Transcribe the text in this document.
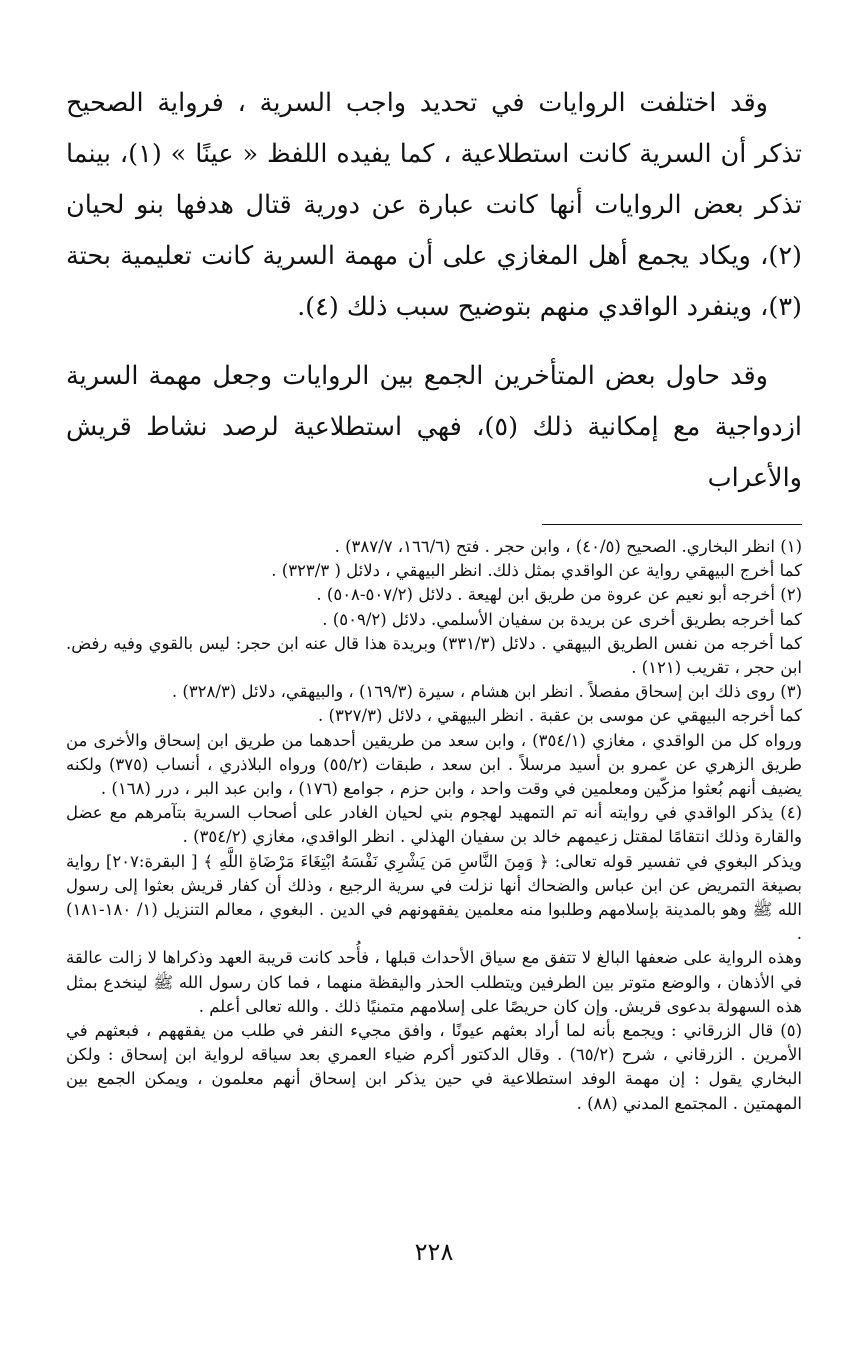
وقد اختلفت الروايات في تحديد واجب السرية ، فرواية الصحيح تذكر أن السرية كانت استطلاعية ، كما يفيده اللفظ « عينًا » (١)، بينما تذكر بعض الروايات أنها كانت عبارة عن دورية قتال هدفها بنو لحيان (٢)، ويكاد يجمع أهل المغازي على أن مهمة السرية كانت تعليمية بحتة (٣)، وينفرد الواقدي منهم بتوضيح سبب ذلك (٤).

وقد حاول بعض المتأخرين الجمع بين الروايات وجعل مهمة السرية ازدواجية مع إمكانية ذلك (٥)، فهي استطلاعية لرصد نشاط قريش والأعراب

(١) انظر البخاري. الصحيح (٤٠/٥) ، وابن حجر . فتح (١٦٦/٦، ٣٨٧/٧) .
كما أخرج البيهقي رواية عن الواقدي بمثل ذلك. انظر البيهقي ، دلائل ( ٣٢٣/٣) .
(٢) أخرجه أبو نعيم عن عروة من طريق ابن لهيعة . دلائل (٥٠٧/٢-٥٠٨) .
كما أخرجه بطريق أخرى عن بريدة بن سفيان الأسلمي. دلائل (٥٠٩/٢) .
كما أخرجه من نفس الطريق البيهقي . دلائل (٣٣١/٣) وبريدة هذا قال عنه ابن حجر: ليس بالقوي وفيه رفض. ابن حجر ، تقريب (١٢١) .
(٣) روى ذلك ابن إسحاق مفصلاً . انظر ابن هشام ، سيرة (١٦٩/٣) ، والبيهقي، دلائل (٣٢٨/٣) .
كما أخرجه البيهقي عن موسى بن عقبة . انظر البيهقي ، دلائل (٣٢٧/٣) .
ورواه كل من الواقدي ، مغازي (٣٥٤/١) ، وابن سعد من طريقين أحدهما من طريق ابن إسحاق والأخرى من طريق الزهري عن عمرو بن أسيد مرسلاً . ابن سعد ، طبقات (٥٥/٢) ورواه البلاذري ، أنساب (٣٧٥) ولكنه يضيف أنهم بُعثوا مزكّين ومعلمين في وقت واحد ، وابن حزم ، جوامع (١٧٦) ، وابن عبد البر ، درر (١٦٨) .
(٤) يذكر الواقدي في روايته أنه تم التمهيد لهجوم بني لحيان الغادر على أصحاب السرية بتآمرهم مع عضل والقارة وذلك انتقامًا لمقتل زعيمهم خالد بن سفيان الهذلي . انظر الواقدي، مغازي (٣٥٤/٢) .
ويذكر البغوي في تفسير قوله تعالى: ﴿ وَمِنَ النَّاسِ مَن يَشْرِي نَفْسَهُ ابْتِغَاءَ مَرْضَاةِ اللَّهِ ﴾ [ البقرة:٢٠٧] رواية بصيغة التمريض عن ابن عباس والضحاك أنها نزلت في سرية الرجيع ، وذلك أن كفار قريش بعثوا إلى رسول الله ﷺ وهو بالمدينة بإسلامهم وطلبوا منه معلمين يفقهونهم في الدين . البغوي ، معالم التنزيل (١/ ١٨٠-١٨١) .
وهذه الرواية على ضعفها البالغ لا تتفق مع سياق الأحداث قبلها ، فأُحد كانت قريبة العهد وذكراها لا زالت عالقة في الأذهان ، والوضع متوتر بين الطرفين ويتطلب الحذر واليقظة منهما ، فما كان رسول الله ﷺ لينخدع بمثل هذه السهولة بدعوى قريش. وإن كان حريصًا على إسلامهم متمنيًا ذلك . والله تعالى أعلم .
(٥) قال الزرقاني : ويجمع بأنه لما أراد بعثهم عيونًا ، وافق مجيء النفر في طلب من يفقههم ، فبعثهم في الأمرين . الزرقاني ، شرح (٦٥/٢) . وقال الدكتور أكرم ضياء العمري بعد سياقه لرواية ابن إسحاق : ولكن البخاري يقول : إن مهمة الوفد استطلاعية في حين يذكر ابن إسحاق أنهم معلمون ، ويمكن الجمع بين المهمتين . المجتمع المدني (٨٨) .
٢٢٨
